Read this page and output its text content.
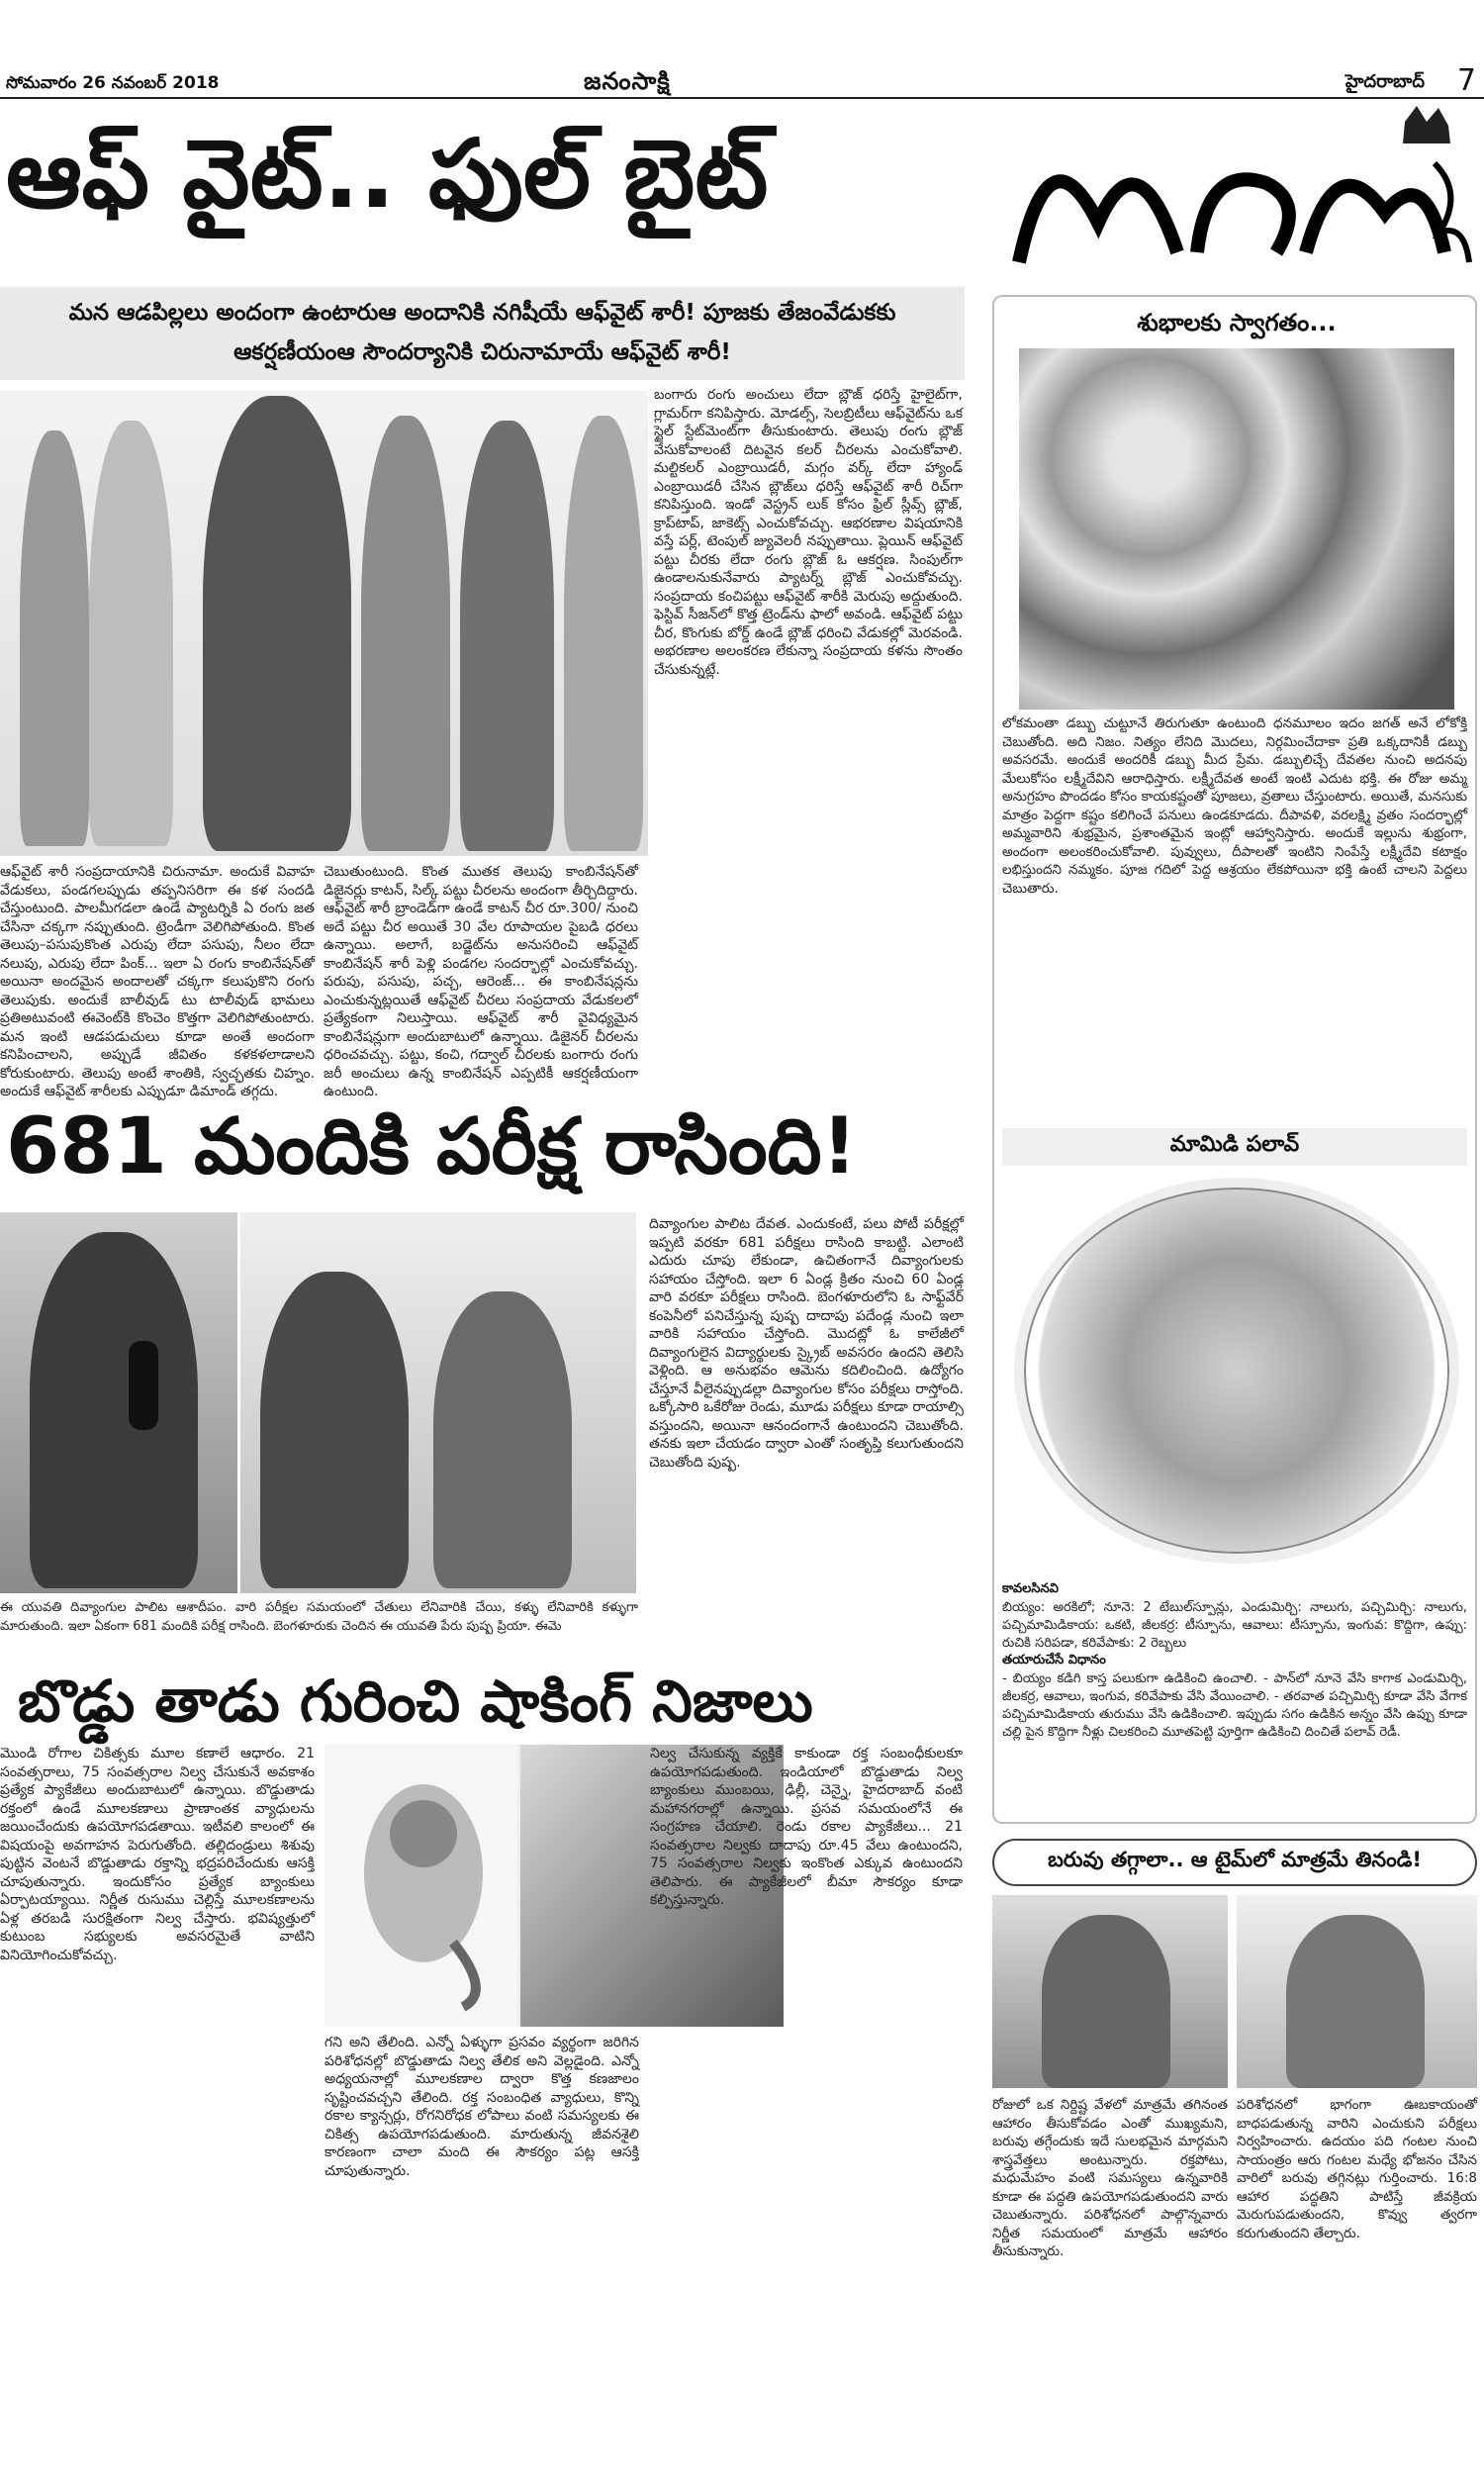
సోమవారం 26 నవంబర్ 2018	జనంసాక్షి	హైదరాబాద్ 7
ఆఫ్ వైట్.. ఫుల్ బైట్
మన ఆడపిల్లలు అందంగా ఉంటారుఆ అందానికి నగిషీయే ఆఫ్‌వైట్ శారీ! పూజకు తేజంవేడుకకు ఆకర్షణీయంఆ సౌందర్యానికి చిరునామాయే ఆఫ్‌వైట్ శారీ!
ఆఫ్‌వైట్ శారీ సంప్రదాయానికి చిరునామా. అందుకే వివాహ వేడుకలు, పండగలప్పుడు తప్పనిసరిగా ఈ కళ సందడి చేస్తుంటుంది. పాలమీగడలా ఉండే ప్యాటర్నికి ఏ రంగు జత చేసినా చక్కగా నప్పుతుంది. ట్రెండీగా వెలిగిపోతుంది. కొంత తెలుపు–పసుపుకొంత ఎరుపు లేదా పసుపు, నీలం లేదా నలుపు, ఎరుపు లేదా పింక్... ఇలా ఏ రంగు కాంబినేషన్‌తో అయినా అందమైన అందాలతో చక్కగా కలుపుకొని రంగు తెలుపుకు. అందుకే బాలీవుడ్ టు టాలీవుడ్ భామలు ప్రతిఅటువంటి ఈవెంట్‌కి కొంచెం కొత్తగా వెలిగిపోతుంటారు. మన ఇంటి ఆడపడుచులు కూడా అంతే అందంగా కనిపించాలని, అప్పుడే జీవితం కళకళలాడాలని కోరుకుంటారు. తెలుపు అంటే శాంతికి, స్వచ్ఛతకు చిహ్నం. అందుకే ఆఫ్‌వైట్ శారీలకు ఎప్పుడూ డిమాండ్ తగ్గదు.
చెబుతుంటుంది. కొంత ముతక తెలుపు కాంబినేషన్‌తో డిజైనర్లు కాటన్, సిల్క్ పట్టు చీరలను అందంగా తీర్చిదిద్దారు. ఆఫ్‌వైట్ శారీ బ్రాండెడ్‌గా ఉండే కాటన్ చీర రూ.300/ నుంచి అదే పట్టు చీర అయితే 30 వేల రూపాయల పైబడి ధరలు ఉన్నాయి. అలాగే, బడ్జెట్‌ను అనుసరించి ఆఫ్‌వైట్ కాంబినేషన్ శారీ పెళ్లి పండగల సందర్భాల్లో ఎంచుకోవచ్చు. పరుపు, పసుపు, పచ్చ, ఆరెంజ్... ఈ కాంబినేషన్లను ఎంచుకున్నట్లయితే ఆఫ్‌వైట్ చీరలు సంప్రదాయ వేడుకలలో ప్రత్యేకంగా నిలుస్తాయి. ఆఫ్‌వైట్ శారీ వైవిధ్యమైన కాంబినేషన్లుగా అందుబాటులో ఉన్నాయి. డిజైనర్ చీరలను ధరించవచ్చు. పట్టు, కంచి, గద్వాల్ చీరలకు బంగారు రంగు జరీ అంచులు ఉన్న కాంబినేషన్ ఎప్పటికీ ఆకర్షణీయంగా ఉంటుంది.
బంగారు రంగు అంచులు లేదా బ్లౌజ్ ధరిస్తే హైలైట్‌గా, గ్లామర్‌గా కనిపిస్తారు. మోడల్స్, సెలబ్రిటీలు ఆఫ్‌వైట్‌ను ఒక స్టైల్ స్టేట్‌మెంట్‌గా తీసుకుంటారు. తెలుపు రంగు బ్లౌజ్ వేసుకోవాలంటే దిటవైన కలర్ చీరలను ఎంచుకోవాలి. మల్టికలర్ ఎంబ్రాయిడరీ, మగ్గం వర్క్ లేదా హ్యాండ్ ఎంబ్రాయిడరీ చేసిన బ్లౌజ్‌లు ధరిస్తే ఆఫ్‌వైట్ శారీ రిచ్‌గా కనిపిస్తుంది. ఇండో వెస్ట్రన్ లుక్ కోసం ఫ్రిల్ స్లీవ్స్ బ్లౌజ్, క్రాప్‌టాప్, జాకెట్స్ ఎంచుకోవచ్చు. ఆభరణాల విషయానికి వస్తే పర్ల్, టెంపుల్ జ్యువెలరీ నప్పుతాయి. ప్లెయిన్ ఆఫ్‌వైట్ పట్టు చీరకు లేదా రంగు బ్లౌజ్ ఓ ఆకర్షణ. సింపుల్‌గా ఉండాలనుకునేవారు ప్యాటర్న్ బ్లౌజ్ ఎంచుకోవచ్చు. సంప్రదాయ కంచిపట్టు ఆఫ్‌వైట్ శారీకి మెరుపు అద్దుతుంది. ఫెస్టివ్ సీజన్‌లో కొత్త ట్రెండ్‌ను ఫాలో అవండి. ఆఫ్‌వైట్ పట్టు చీర, కొంగుకు బోర్డ్ ఉండే బ్లౌజ్ ధరించి వేడుకల్లో మెరవండి. అభరణాల అలంకరణ లేకున్నా సంప్రదాయ కళను సొంతం చేసుకున్నట్లే.
681 మందికి పరీక్ష రాసింది!
ఈ యువతి దివ్యాంగుల పాలిట ఆశాదీపం. వారి పరీక్షల సమయంలో చేతులు లేనివారికి చేయి, కళ్ళు లేనివారికి కళ్ళుగా మారుతుంది. ఇలా ఏకంగా 681 మందికి పరీక్ష రాసింది. బెంగళూరుకు చెందిన ఈ యువతి పేరు పుష్ప ప్రియా. ఈమె
దివ్యాంగుల పాలిట దేవత. ఎందుకంటే, పలు పోటీ పరీక్షల్లో ఇప్పటి వరకూ 681 పరీక్షలు రాసింది కాబట్టి. ఎలాంటి ఎదురు చూపు లేకుండా, ఉచితంగానే దివ్యాంగులకు సహాయం చేస్తోంది. ఇలా 6 ఏండ్ల క్రితం నుంచి 60 ఏండ్ల వారి వరకూ పరీక్షలు రాసింది. బెంగళూరులోని ఓ సాఫ్ట్‌వేర్ కంపెనీలో పనిచేస్తున్న పుష్ప దాదాపు పదేండ్ల నుంచి ఇలా వారికి సహాయం చేస్తోంది. మొదట్లో ఓ కాలేజీలో దివ్యాంగులైన విద్యార్థులకు స్క్రైబ్ అవసరం ఉందని తెలిసి వెళ్లింది. ఆ అనుభవం ఆమెను కదిలించింది. ఉద్యోగం చేస్తూనే వీలైనప్పుడల్లా దివ్యాంగుల కోసం పరీక్షలు రాస్తోంది. ఒక్కోసారి ఒకేరోజు రెండు, మూడు పరీక్షలు కూడా రాయాల్సి వస్తుందని, అయినా ఆనందంగానే ఉంటుందని చెబుతోంది. తనకు ఇలా చేయడం ద్వారా ఎంతో సంతృప్తి కలుగుతుందని చెబుతోంది పుష్ప.
బొడ్డు తాడు గురించి షాకింగ్ నిజాలు
మొండి రోగాల చికిత్సకు మూల కణాలే ఆధారం. 21 సంవత్సరాలు, 75 సంవత్సరాల నిల్వ చేసుకునే అవకాశం ప్రత్యేక ప్యాకేజీలు అందుబాటులో ఉన్నాయి. బొడ్డుతాడు రక్తంలో ఉండే మూలకణాలు ప్రాణాంతక వ్యాధులను జయించేందుకు ఉపయోగపడతాయి. ఇటీవలి కాలంలో ఈ విషయంపై అవగాహన పెరుగుతోంది. తల్లిదండ్రులు శిశువు పుట్టిన వెంటనే బొడ్డుతాడు రక్తాన్ని భద్రపరిచేందుకు ఆసక్తి చూపుతున్నారు. ఇందుకోసం ప్రత్యేక బ్యాంకులు ఏర్పాటయ్యాయి. నిర్ణీత రుసుము చెల్లిస్తే మూలకణాలను ఏళ్ల తరబడి సురక్షితంగా నిల్వ చేస్తారు. భవిష్యత్తులో కుటుంబ సభ్యులకు అవసరమైతే వాటిని వినియోగించుకోవచ్చు.
గని అని తేలింది. ఎన్నో ఏళ్ళుగా ప్రసవం వ్యర్థంగా జరిగిన పరిశోధనల్లో బొడ్డుతాడు నిల్వ తేలిక అని వెల్లడైంది. ఎన్నో అధ్యయనాల్లో మూలకణాల ద్వారా కొత్త కణజాలం సృష్టించవచ్చని తేలింది. రక్త సంబంధిత వ్యాధులు, కొన్ని రకాల క్యాన్సర్లు, రోగనిరోధక లోపాలు వంటి సమస్యలకు ఈ చికిత్స ఉపయోగపడుతుంది. మారుతున్న జీవనశైలి కారణంగా చాలా మంది ఈ సౌకర్యం పట్ల ఆసక్తి చూపుతున్నారు.
నిల్వ చేసుకున్న వ్యక్తికే కాకుండా రక్త సంబంధీకులకూ ఉపయోగపడుతుంది. ఇండియాలో బొడ్డుతాడు నిల్వ బ్యాంకులు ముంబయి, ఢిల్లీ, చెన్నై, హైదరాబాద్ వంటి మహానగరాల్లో ఉన్నాయి. ప్రసవ సమయంలోనే ఈ సంగ్రహణ చేయాలి. రెండు రకాల ప్యాకేజీలు... 21 సంవత్సరాల నిల్వకు దాదాపు రూ.45 వేలు ఉంటుందని, 75 సంవత్సరాల నిల్వకు ఇంకొంత ఎక్కువ ఉంటుందని తెలిపారు. ఈ ప్యాకేజీలలో బీమా సౌకర్యం కూడా కల్పిస్తున్నారు.
శుభాలకు స్వాగతం...
లోకమంతా డబ్బు చుట్టూనే తిరుగుతూ ఉంటుంది ధనమూలం ఇదం జగత్ అనే లోకోక్తి చెబుతోంది. అది నిజం. నిత్యం లేనిది మొదలు, నిర్గమించేదాకా ప్రతి ఒక్కదానికీ డబ్బు అవసరమే. అందుకే అందరికీ డబ్బు మీద ప్రేమ. డబ్బులిచ్చే దేవతల నుంచి అదనపు మేలుకోసం లక్ష్మీదేవిని ఆరాధిస్తారు. లక్ష్మీదేవత అంటే ఇంటి ఎదుట భక్తి. ఈ రోజు అమ్మ అనుగ్రహం పొందడం కోసం కాయకష్టంతో పూజలు, వ్రతాలు చేస్తుంటారు. అయితే, మనసుకు మాత్రం పెద్దగా కష్టం కలిగించే పనులు ఉండకూడదు. దీపావళి, వరలక్ష్మి వ్రతం సందర్భాల్లో అమ్మవారిని శుభ్రమైన, ప్రశాంతమైన ఇంట్లో ఆహ్వానిస్తారు. అందుకే ఇల్లును శుభ్రంగా, అందంగా అలంకరించుకోవాలి. పువ్వులు, దీపాలతో ఇంటిని నింపేస్తే లక్ష్మీదేవి కటాక్షం లభిస్తుందని నమ్మకం. పూజ గదిలో పెద్ద ఆశ్రయం లేకపోయినా భక్తి ఉంటే చాలని పెద్దలు చెబుతారు.
మామిడి పలావ్
కావలసినవి
బియ్యం: అరకిలో; నూనె: 2 టేబుల్‌స్పూన్లు, ఎండుమిర్చి: నాలుగు, పచ్చిమిర్చి: నాలుగు, పచ్చిమామిడికాయ: ఒకటి, జీలకర్ర: టీస్పూను, ఆవాలు: టీస్పూను, ఇంగువ: కొద్దిగా, ఉప్పు: రుచికి సరిపడా, కరివేపాకు: 2 రెబ్బలు
తయారుచేసే విధానం
- బియ్యం కడిగి కాస్త పలుకుగా ఉడికించి ఉంచాలి. - పాన్‌లో నూనె వేసి కాగాక ఎండుమిర్చి, జీలకర్ర, ఆవాలు, ఇంగువ, కరివేపాకు వేసి వేయించాలి. - తరవాత పచ్చిమిర్చి కూడా వేసి వేగాక పచ్చిమామిడికాయ తురుము వేసి ఉడికించాలి. ఇప్పుడు సగం ఉడికిన అన్నం వేసి ఉప్పు కూడా చల్లి పైన కొద్దిగా నీళ్లు చిలకరించి మూతపెట్టి పూర్తిగా ఉడికించి దించితే పలావ్ రెడీ.
బరువు తగ్గాలా.. ఆ టైమ్‌లో మాత్రమే తినండి!
రోజులో ఒక నిర్దిష్ట వేళలో మాత్రమే తగినంత ఆహారం తీసుకోవడం ఎంతో ముఖ్యమని, బరువు తగ్గేందుకు ఇదే సులభమైన మార్గమని శాస్త్రవేత్తలు అంటున్నారు. రక్తపోటు, మధుమేహం వంటి సమస్యలు ఉన్నవారికి కూడా ఈ పద్ధతి ఉపయోగపడుతుందని వారు చెబుతున్నారు. పరిశోధనలో పాల్గొన్నవారు నిర్ణీత సమయంలో మాత్రమే ఆహారం తీసుకున్నారు.
పరిశోధనలో భాగంగా ఊబకాయంతో బాధపడుతున్న వారిని ఎంచుకుని పరీక్షలు నిర్వహించారు. ఉదయం పది గంటల నుంచి సాయంత్రం ఆరు గంటల మధ్యే భోజనం చేసిన వారిలో బరువు తగ్గినట్లు గుర్తించారు. 16:8 ఆహార పద్ధతిని పాటిస్తే జీవక్రియ మెరుగుపడుతుందని, కొవ్వు త్వరగా కరుగుతుందని తేల్చారు.
